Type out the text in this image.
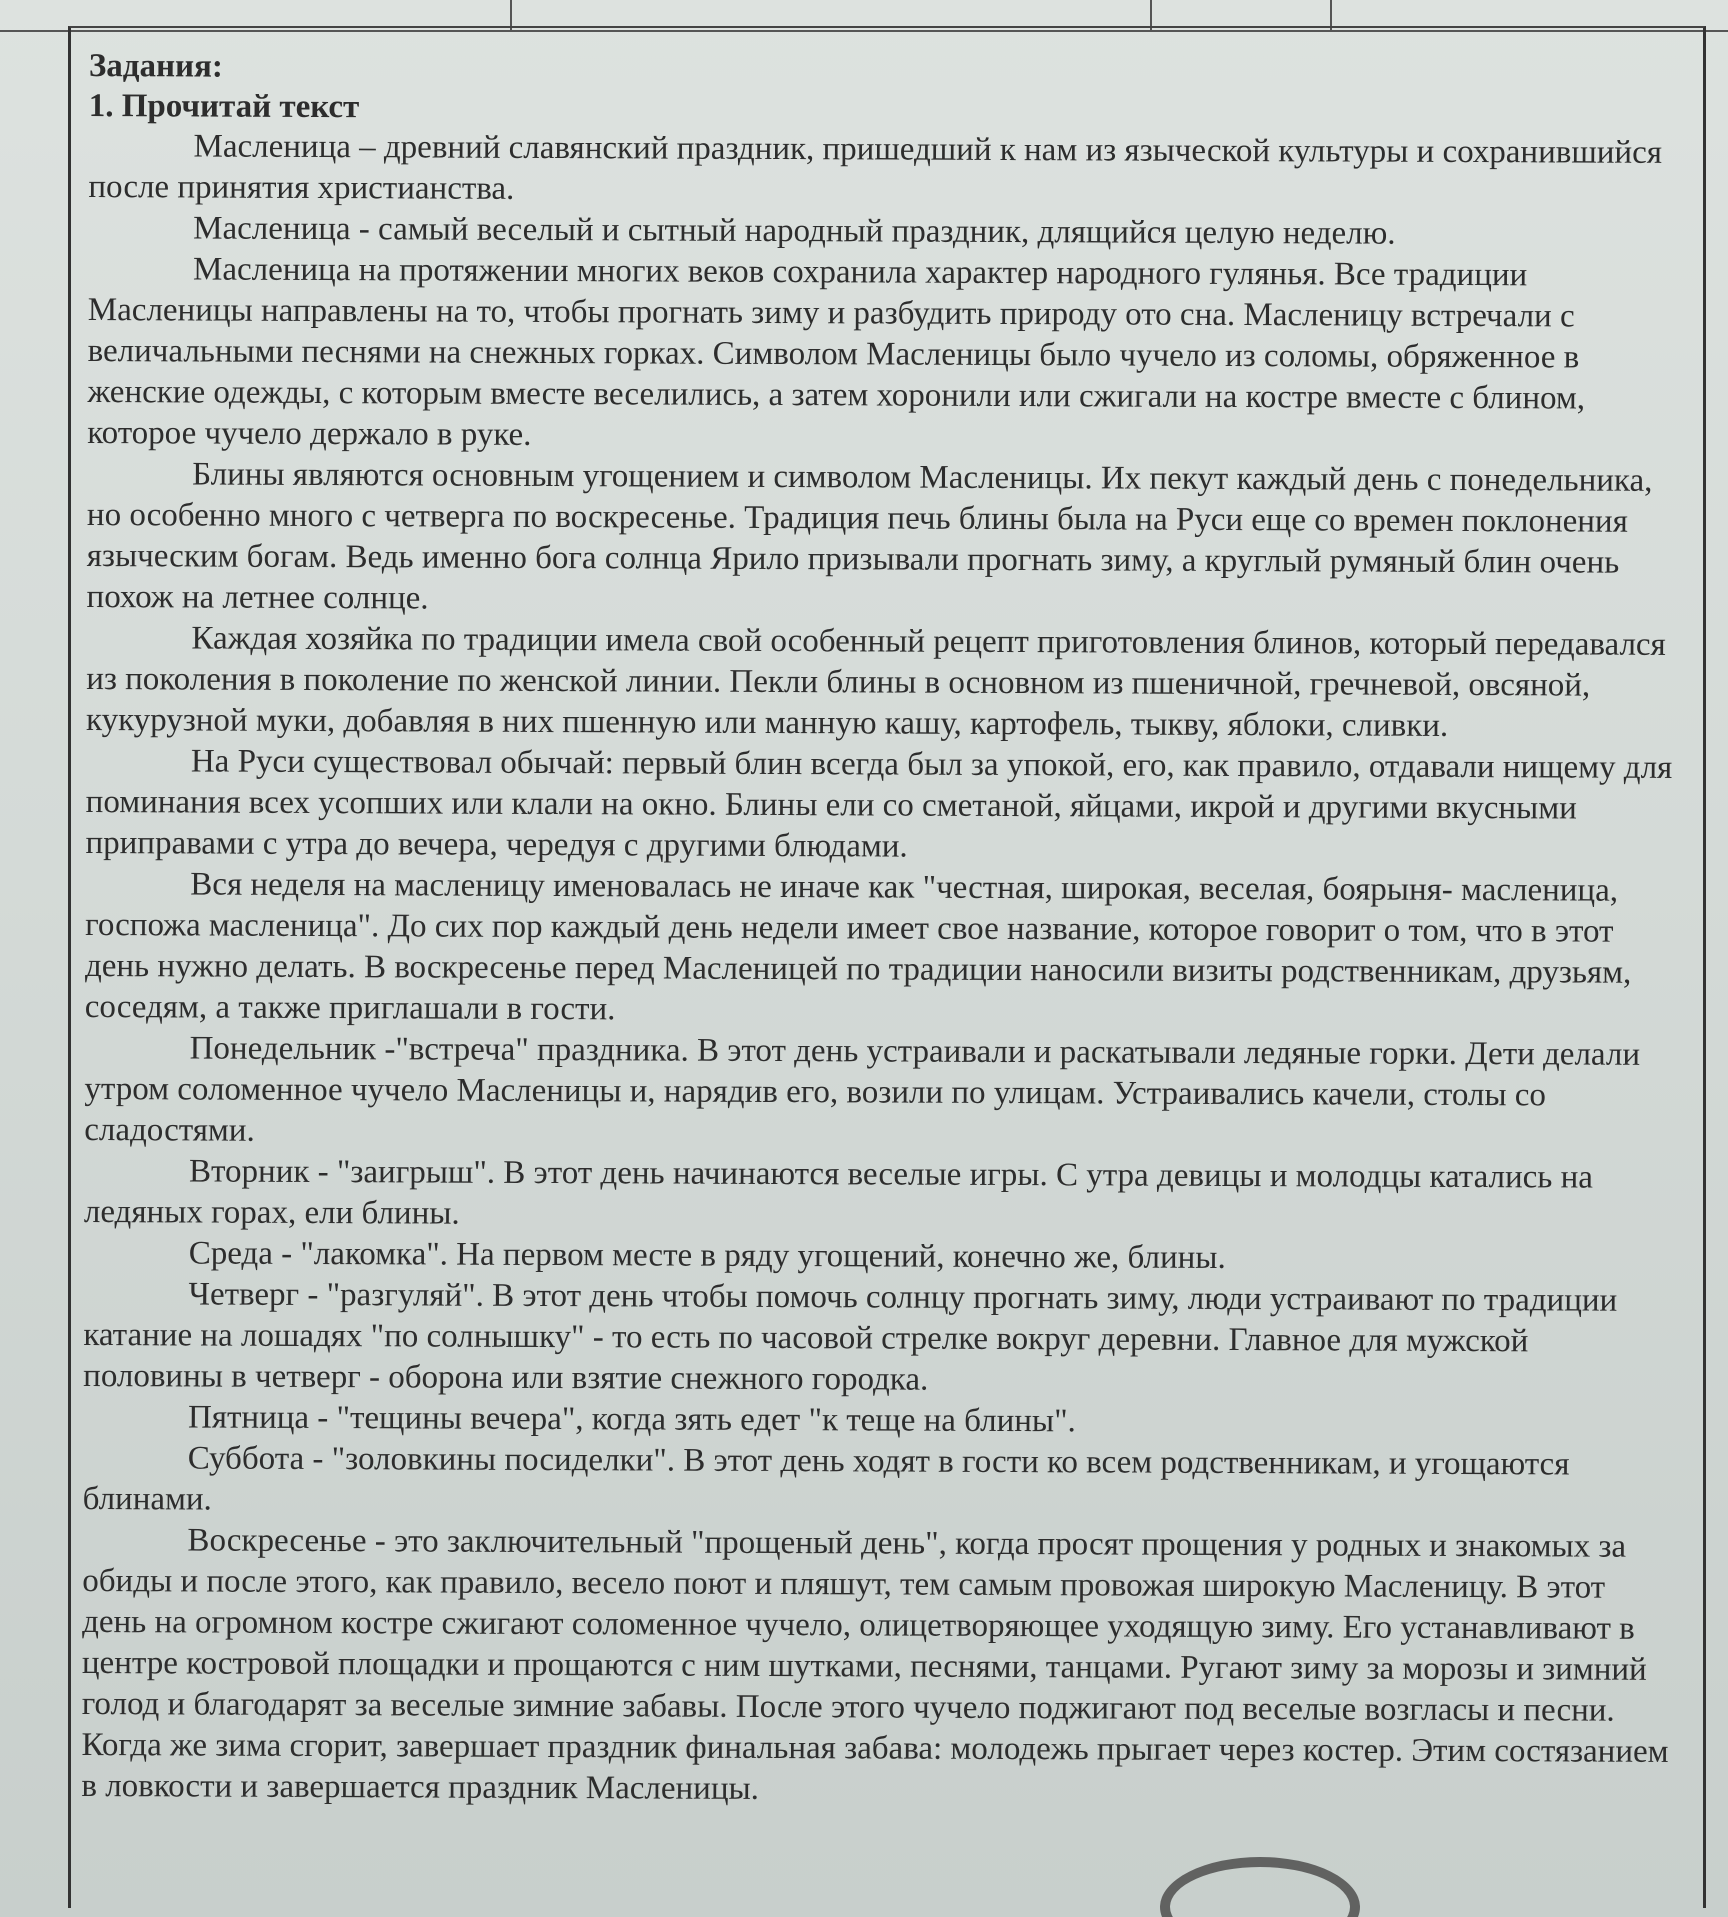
Задания:

1. Прочитай текст

Масленица – древний славянский праздник, пришедший к нам из языческой культуры и сохранившийся после принятия христианства.

Масленица - самый веселый и сытный народный праздник, длящийся целую неделю.

Масленица на протяжении многих веков сохранила характер народного гулянья. Все традиции Масленицы направлены на то, чтобы прогнать зиму и разбудить природу ото сна. Масленицу встречали с величальными песнями на снежных горках. Символом Масленицы было чучело из соломы, обряженное в женские одежды, с которым вместе веселились, а затем хоронили или сжигали на костре вместе с блином, которое чучело держало в руке.

Блины являются основным угощением и символом Масленицы. Их пекут каждый день с понедельника, но особенно много с четверга по воскресенье. Традиция печь блины была на Руси еще со времен поклонения языческим богам. Ведь именно бога солнца Ярило призывали прогнать зиму, а круглый румяный блин очень похож на летнее солнце.

Каждая хозяйка по традиции имела свой особенный рецепт приготовления блинов, который передавался из поколения в поколение по женской линии. Пекли блины в основном из пшеничной, гречневой, овсяной, кукурузной муки, добавляя в них пшенную или манную кашу, картофель, тыкву, яблоки, сливки.

На Руси существовал обычай: первый блин всегда был за упокой, его, как правило, отдавали нищему для поминания всех усопших или клали на окно. Блины ели со сметаной, яйцами, икрой и другими вкусными приправами с утра до вечера, чередуя с другими блюдами.

Вся неделя на масленицу именовалась не иначе как "честная, широкая, веселая, боярыня- масленица, госпожа масленица". До сих пор каждый день недели имеет свое название, которое говорит о том, что в этот день нужно делать. В воскресенье перед Масленицей по традиции наносили визиты родственникам, друзьям, соседям, а также приглашали в гости.

Понедельник -"встреча" праздника. В этот день устраивали и раскатывали ледяные горки. Дети делали утром соломенное чучело Масленицы и, нарядив его, возили по улицам. Устраивались качели, столы со сладостями.

Вторник - "заигрыш". В этот день начинаются веселые игры. С утра девицы и молодцы катались на ледяных горах, ели блины.

Среда - "лакомка". На первом месте в ряду угощений, конечно же, блины.

Четверг - "разгуляй". В этот день чтобы помочь солнцу прогнать зиму, люди устраивают по традиции катание на лошадях "по солнышку" - то есть по часовой стрелке вокруг деревни. Главное для мужской половины в четверг - оборона или взятие снежного городка.

Пятница - "тещины вечера", когда зять едет "к теще на блины".

Суббота - "золовкины посиделки". В этот день ходят в гости ко всем родственникам, и угощаются блинами.

Воскресенье - это заключительный "прощеный день", когда просят прощения у родных и знакомых за обиды и после этого, как правило, весело поют и пляшут, тем самым провожая широкую Масленицу. В этот день на огромном костре сжигают соломенное чучело, олицетворяющее уходящую зиму. Его устанавливают в центре костровой площадки и прощаются с ним шутками, песнями, танцами. Ругают зиму за морозы и зимний голод и благодарят за веселые зимние забавы. После этого чучело поджигают под веселые возгласы и песни. Когда же зима сгорит, завершает праздник финальная забава: молодежь прыгает через костер. Этим состязанием в ловкости и завершается праздник Масленицы.
